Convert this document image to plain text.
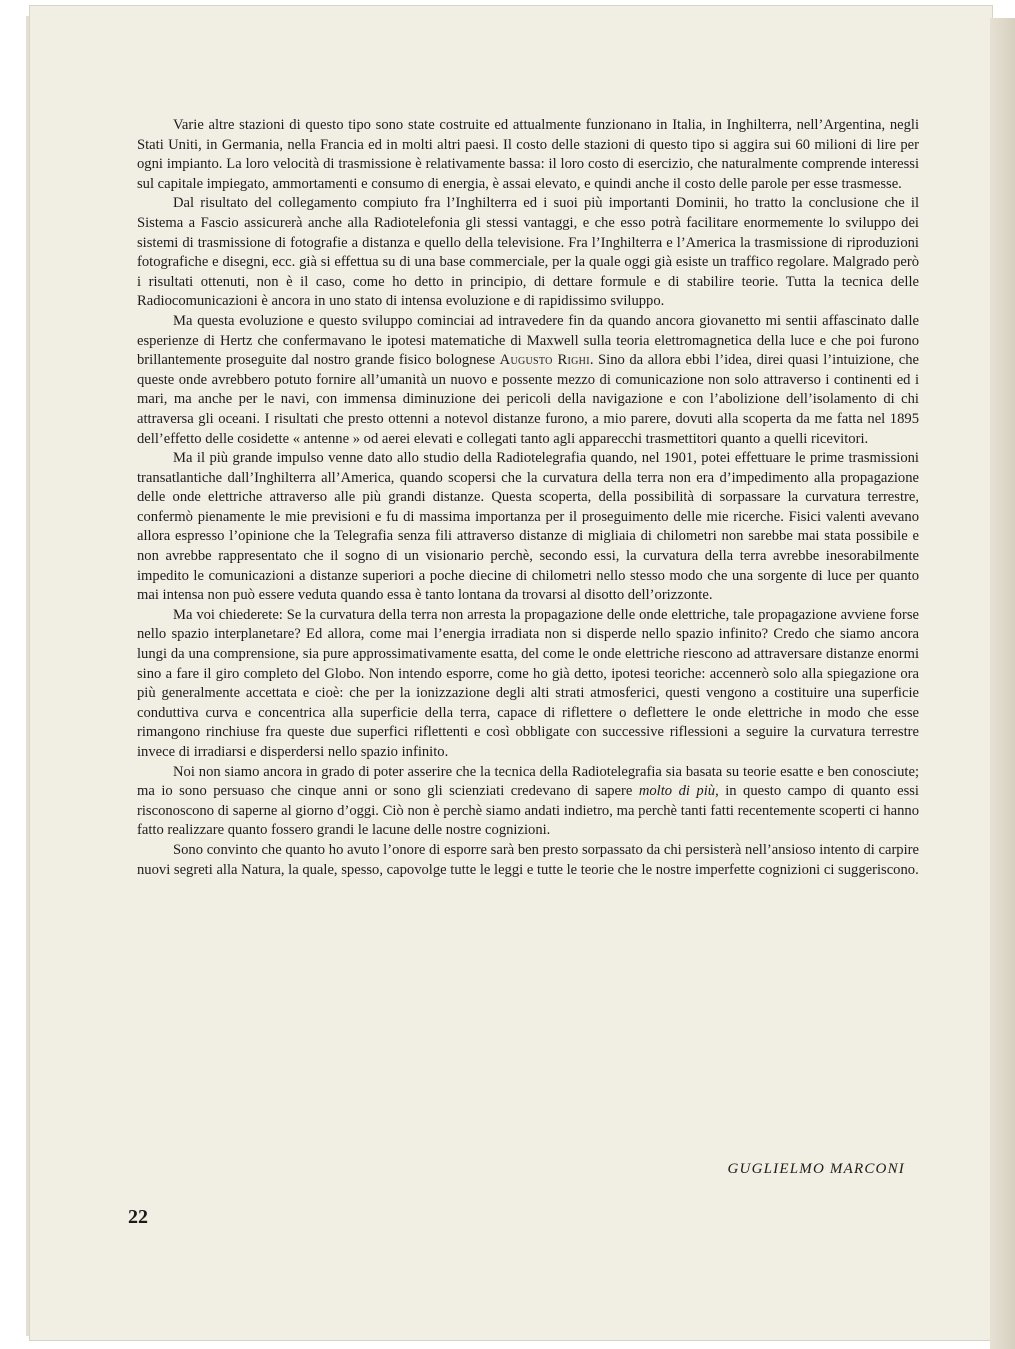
Varie altre stazioni di questo tipo sono state costruite ed attualmente funzionano in Italia, in Inghilterra, nell’Argentina, negli Stati Uniti, in Germania, nella Francia ed in molti altri paesi. Il costo delle stazioni di questo tipo si aggira sui 60 milioni di lire per ogni impianto. La loro velocità di trasmissione è relativamente bassa: il loro costo di esercizio, che naturalmente comprende interessi sul capitale impiegato, ammortamenti e consumo di energia, è assai elevato, e quindi anche il costo delle parole per esse trasmesse.

Dal risultato del collegamento compiuto fra l’Inghilterra ed i suoi più importanti Dominii, ho tratto la conclusione che il Sistema a Fascio assicurerà anche alla Radiotelefonia gli stessi vantaggi, e che esso potrà facilitare enormemente lo sviluppo dei sistemi di trasmissione di fotografie a distanza e quello della televisione. Fra l’Inghilterra e l’America la trasmissione di riproduzioni fotografiche e disegni, ecc. già si effettua su di una base commerciale, per la quale oggi già esiste un traffico regolare. Malgrado però i risultati ottenuti, non è il caso, come ho detto in principio, di dettare formule e di stabilire teorie. Tutta la tecnica delle Radiocomunicazioni è ancora in uno stato di intensa evoluzione e di rapidissimo sviluppo.

Ma questa evoluzione e questo sviluppo cominciai ad intravedere fin da quando ancora giovanetto mi sentii affascinato dalle esperienze di Hertz che confermavano le ipotesi matematiche di Maxwell sulla teoria elettromagnetica della luce e che poi furono brillantemente proseguite dal nostro grande fisico bolognese Augusto Righi. Sino da allora ebbi l’idea, direi quasi l’intuizione, che queste onde avrebbero potuto fornire all’umanità un nuovo e possente mezzo di comunicazione non solo attraverso i continenti ed i mari, ma anche per le navi, con immensa diminuzione dei pericoli della navigazione e con l’abolizione dell’isolamento di chi attraversa gli oceani. I risultati che presto ottenni a notevol distanze furono, a mio parere, dovuti alla scoperta da me fatta nel 1895 dell’effetto delle cosidette « antenne » od aerei elevati e collegati tanto agli apparecchi trasmettitori quanto a quelli ricevitori.

Ma il più grande impulso venne dato allo studio della Radiotelegrafia quando, nel 1901, potei effettuare le prime trasmissioni transatlantiche dall’Inghilterra all’America, quando scopersi che la curvatura della terra non era d’impedimento alla propagazione delle onde elettriche attraverso alle più grandi distanze. Questa scoperta, della possibilità di sorpassare la curvatura terrestre, confermò pienamente le mie previsioni e fu di massima importanza per il proseguimento delle mie ricerche. Fisici valenti avevano allora espresso l’opinione che la Telegrafia senza fili attraverso distanze di migliaia di chilometri non sarebbe mai stata possibile e non avrebbe rappresentato che il sogno di un visionario perchè, secondo essi, la curvatura della terra avrebbe inesorabilmente impedito le comunicazioni a distanze superiori a poche diecine di chilometri nello stesso modo che una sorgente di luce per quanto mai intensa non può essere veduta quando essa è tanto lontana da trovarsi al disotto dell’orizzonte.

Ma voi chiederete: Se la curvatura della terra non arresta la propagazione delle onde elettriche, tale propagazione avviene forse nello spazio interplanetare? Ed allora, come mai l’energia irradiata non si disperde nello spazio infinito? Credo che siamo ancora lungi da una comprensione, sia pure approssimativamente esatta, del come le onde elettriche riescono ad attraversare distanze enormi sino a fare il giro completo del Globo. Non intendo esporre, come ho già detto, ipotesi teoriche: accennerò solo alla spiegazione ora più generalmente accettata e cioè: che per la ionizzazione degli alti strati atmosferici, questi vengono a costituire una superficie conduttiva curva e concentrica alla superficie della terra, capace di riflettere o deflettere le onde elettriche in modo che esse rimangono rinchiuse fra queste due superfici riflettenti e così obbligate con successive riflessioni a seguire la curvatura terrestre invece di irradiarsi e disperdersi nello spazio infinito.

Noi non siamo ancora in grado di poter asserire che la tecnica della Radiotelegrafia sia basata su teorie esatte e ben conosciute; ma io sono persuaso che cinque anni or sono gli scienziati credevano di sapere molto di più, in questo campo di quanto essi risconoscono di saperne al giorno d’oggi. Ciò non è perchè siamo andati indietro, ma perchè tanti fatti recentemente scoperti ci hanno fatto realizzare quanto fossero grandi le lacune delle nostre cognizioni.

Sono convinto che quanto ho avuto l’onore di esporre sarà ben presto sorpassato da chi persisterà nell’ansioso intento di carpire nuovi segreti alla Natura, la quale, spesso, capovolge tutte le leggi e tutte le teorie che le nostre imperfette cognizioni ci suggeriscono.

GUGLIELMO MARCONI
22
